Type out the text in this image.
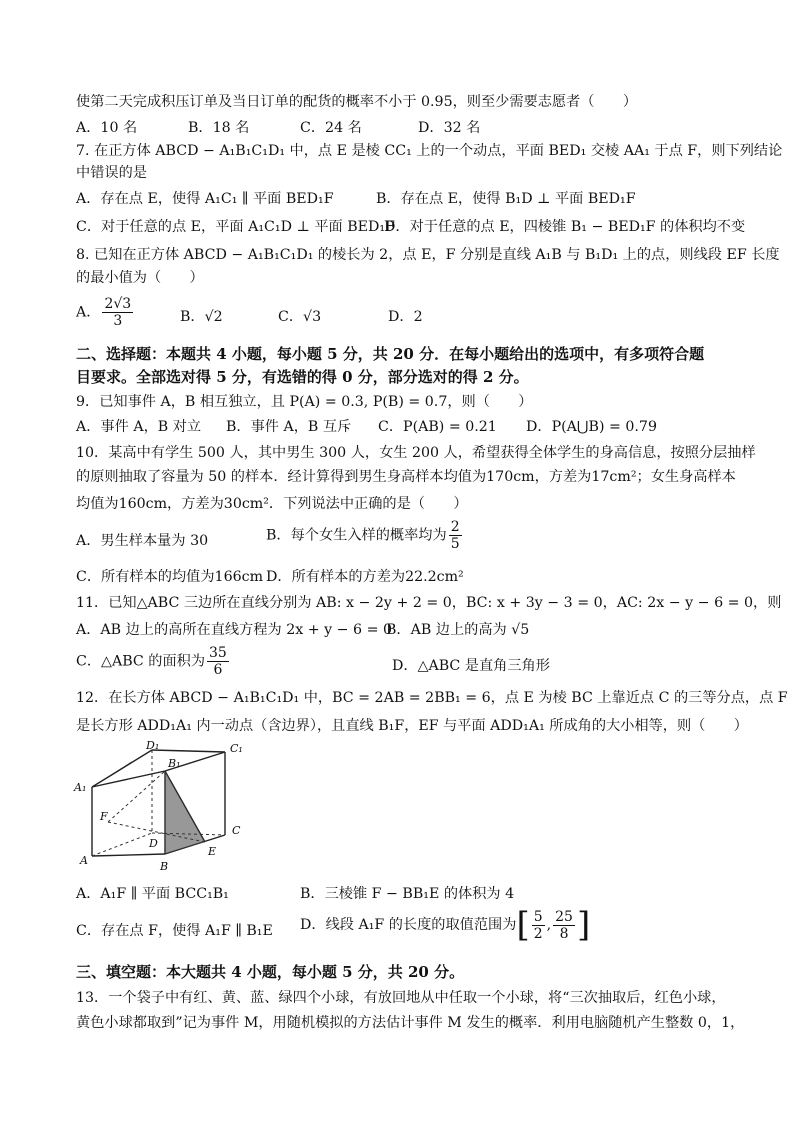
使第二天完成积压订单及当日订单的配货的概率不小于 0.95，则至少需要志愿者（　　）
A．10 名	B．18 名	C．24 名	D．32 名
7. 在正方体 ABCD − A₁B₁C₁D₁ 中，点 E 是棱 CC₁ 上的一个动点，平面 BED₁ 交棱 AA₁ 于点 F，则下列结论
中错误的是
A．存在点 E，使得 A₁C₁ ∥ 平面 BED₁F	B．存在点 E，使得 B₁D ⊥ 平面 BED₁F
C．对于任意的点 E，平面 A₁C₁D ⊥ 平面 BED₁F
D．对于任意的点 E，四棱锥 B₁ − BED₁F 的体积均不变
8. 已知在正方体 ABCD − A₁B₁C₁D₁ 的棱长为 2，点 E，F 分别是直线 A₁B 与 B₁D₁ 上的点，则线段 EF 长度
的最小值为（　　）
A． $\frac{2√3}{3}$	B．√2	C．√3	D．2
二、选择题：本题共 4 小题，每小题 5 分，共 20 分．在每小题给出的选项中，有多项符合题
目要求。全部选对得 5 分，有选错的得 0 分，部分选对的得 2 分。
9．已知事件 A，B 相互独立，且 P(A) = 0.3, P(B) = 0.7，则（　　）
A．事件 A，B 对立 B．事件 A，B 互斥 C．P(AB) = 0.21 D．P(A⋃B) = 0.79
10．某高中有学生 500 人，其中男生 300 人，女生 200 人，希望获得全体学生的身高信息，按照分层抽样
的原则抽取了容量为 50 的样本．经计算得到男生身高样本均值为170cm，方差为17cm²；女生身高样本
均值为160cm，方差为30cm²．下列说法中正确的是（　　）
A．男生样本量为 30	B．每个女生入样的概率均为 $\frac{2}{5}$
C．所有样本的均值为166cm D．所有样本的方差为22.2cm²
11．已知△ABC 三边所在直线分别为 AB: x − 2y + 2 = 0，BC: x + 3y − 3 = 0，AC: 2x − y − 6 = 0，则
A．AB 边上的高所在直线方程为 2x + y − 6 = 0
B．AB 边上的高为 √5
C．△ABC 的面积为 $\frac{35}{6}$	D．△ABC 是直角三角形
12．在长方体 ABCD − A₁B₁C₁D₁ 中，BC = 2AB = 2BB₁ = 6，点 E 为棱 BC 上靠近点 C 的三等分点，点 F
是长方形 ADD₁A₁ 内一动点（含边界），且直线 B₁F，EF 与平面 ADD₁A₁ 所成角的大小相等，则（　　）
D₁	C₁
B₁
A₁
F
D
C
E
B
A
A．A₁F ∥ 平面 BCC₁B₁	B．三棱锥 F − BB₁E 的体积为 4
C．存在点 F，使得 A₁F ∥ B₁E D．线段 A₁F 的长度的取值范围为[ $\frac{5}{2}$ , $\frac{25}{8}$ ]
三、填空题：本大题共 4 小题，每小题 5 分，共 20 分。
13．一个袋子中有红、黄、蓝、绿四个小球，有放回地从中任取一个小球，将“三次抽取后，红色小球，
黄色小球都取到”记为事件 M，用随机模拟的方法估计事件 M 发生的概率．利用电脑随机产生整数 0，1，
